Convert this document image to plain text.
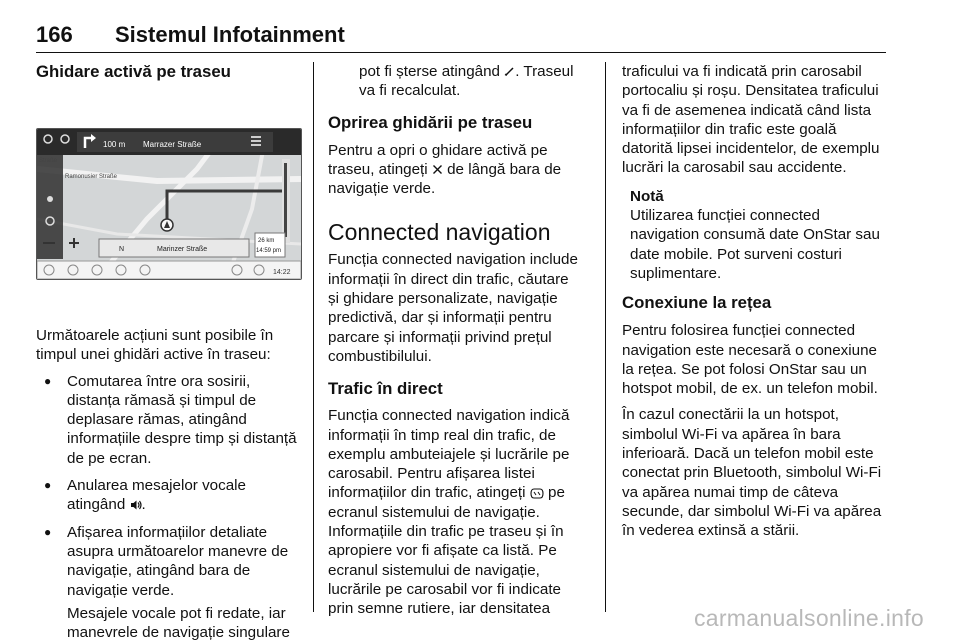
166 Sistemul Infotainment
Ghidare activă pe traseu
100 m Marrazer Straße
Straße
Ramonusier Straße
N	Marinzer Straße
26 km
14:59 pm
14:22

Următoarele acțiuni sunt posibile în timpul unei ghidări active în traseu:

● Comutarea între ora sosirii, distanța rămasă și timpul de deplasare rămas, atingând informațiile despre timp și distanță de pe ecran.
● Anularea mesajelor vocale atingând .
● Afișarea informațiilor detaliate asupra următoarelor manevre de navigație, atingând bara de navigație verde.

Mesajele vocale pot fi redate, iar manevrele de navigație singulare

pot fi șterse atingând . Traseul va fi recalculat.

Oprirea ghidării pe traseu

Pentru a opri o ghidare activă pe traseu, atingeți de lângă bara de navigație verde.

Connected navigation

Funcția connected navigation include informații în direct din trafic, căutare și ghidare personalizate, navigație predictivă, dar și informații pentru parcare și informații privind prețul combustibilului.

Trafic în direct

Funcția connected navigation indică informații în timp real din trafic, de exemplu ambuteiajele și lucrările pe carosabil. Pentru afișarea listei informațiilor din trafic, atingeți pe ecranul sistemului de navigație. Informațiile din trafic pe traseu și în apropiere vor fi afișate ca listă. Pe ecranul sistemului de navigație, lucrările pe carosabil vor fi indicate prin semne rutiere, iar densitatea

traficului va fi indicată prin carosabil portocaliu și roșu. Densitatea traficului va fi de asemenea indicată când lista informațiilor din trafic este goală datorită lipsei incidentelor, de exemplu lucrări la carosabil sau accidente.

Notă

Utilizarea funcției connected navigation consumă date OnStar sau date mobile. Pot surveni costuri suplimentare.

Conexiune la rețea

Pentru folosirea funcției connected navigation este necesară o conexiune la rețea. Se pot folosi OnStar sau un hotspot mobil, de ex. un telefon mobil.

În cazul conectării la un hotspot, simbolul Wi-Fi va apărea în bara inferioară. Dacă un telefon mobil este conectat prin Bluetooth, simbolul Wi-Fi va apărea numai timp de câteva secunde, dar simbolul Wi-Fi va apărea în vederea extinsă a stării.

carmanualsonline.info
